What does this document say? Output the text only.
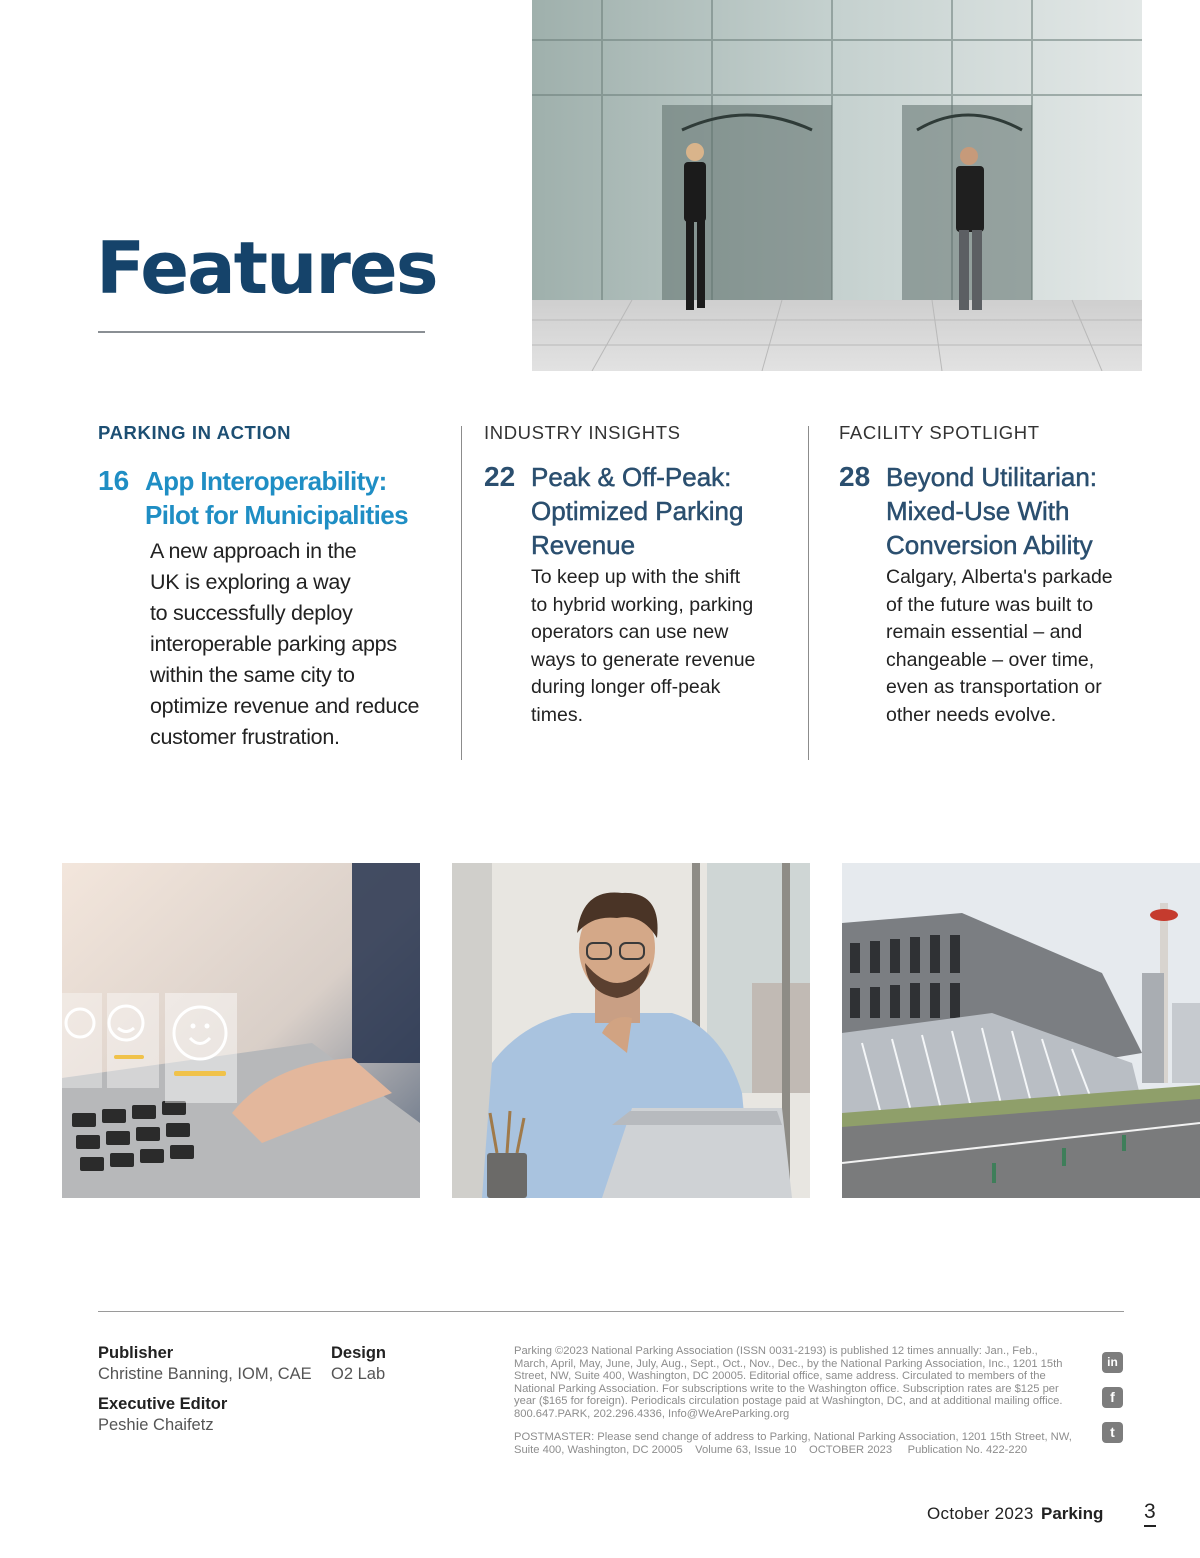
Features
PARKING IN ACTION
16 App Interoperability:
Pilot for Municipalities
A new approach in the
UK is exploring a way
to successfully deploy
interoperable parking apps
within the same city to
optimize revenue and reduce
customer frustration.
INDUSTRY INSIGHTS
22 Peak & Off-Peak:
Optimized Parking
Revenue
To keep up with the shift
to hybrid working, parking
operators can use new
ways to generate revenue
during longer off-peak
times.
FACILITY SPOTLIGHT
28 Beyond Utilitarian:
Mixed-Use With
Conversion Ability
Calgary, Alberta's parkade
of the future was built to
remain essential – and
changeable – over time,
even as transportation or
other needs evolve.
Publisher
Christine Banning, IOM, CAE
Design
O2 Lab
Executive Editor
Peshie Chaifetz
Parking ©2023 National Parking Association (ISSN 0031-2193) is published 12 times annually: Jan., Feb.,
March, April, May, June, July, Aug., Sept., Oct., Nov., Dec., by the National Parking Association, Inc., 1201 15th
Street, NW, Suite 400, Washington, DC 20005. Editorial office, same address. Circulated to members of the
National Parking Association. For subscriptions write to the Washington office. Subscription rates are $125 per
year ($165 for foreign). Periodicals circulation postage paid at Washington, DC, and at additional mailing office.
800.647.PARK, 202.296.4336, Info@WeAreParking.org
POSTMASTER: Please send change of address to Parking, National Parking Association, 1201 15th Street, NW,
Suite 400, Washington, DC 20005    Volume 63, Issue 10    OCTOBER 2023     Publication No. 422-220
in
f
t
October 2023 Parking 3
